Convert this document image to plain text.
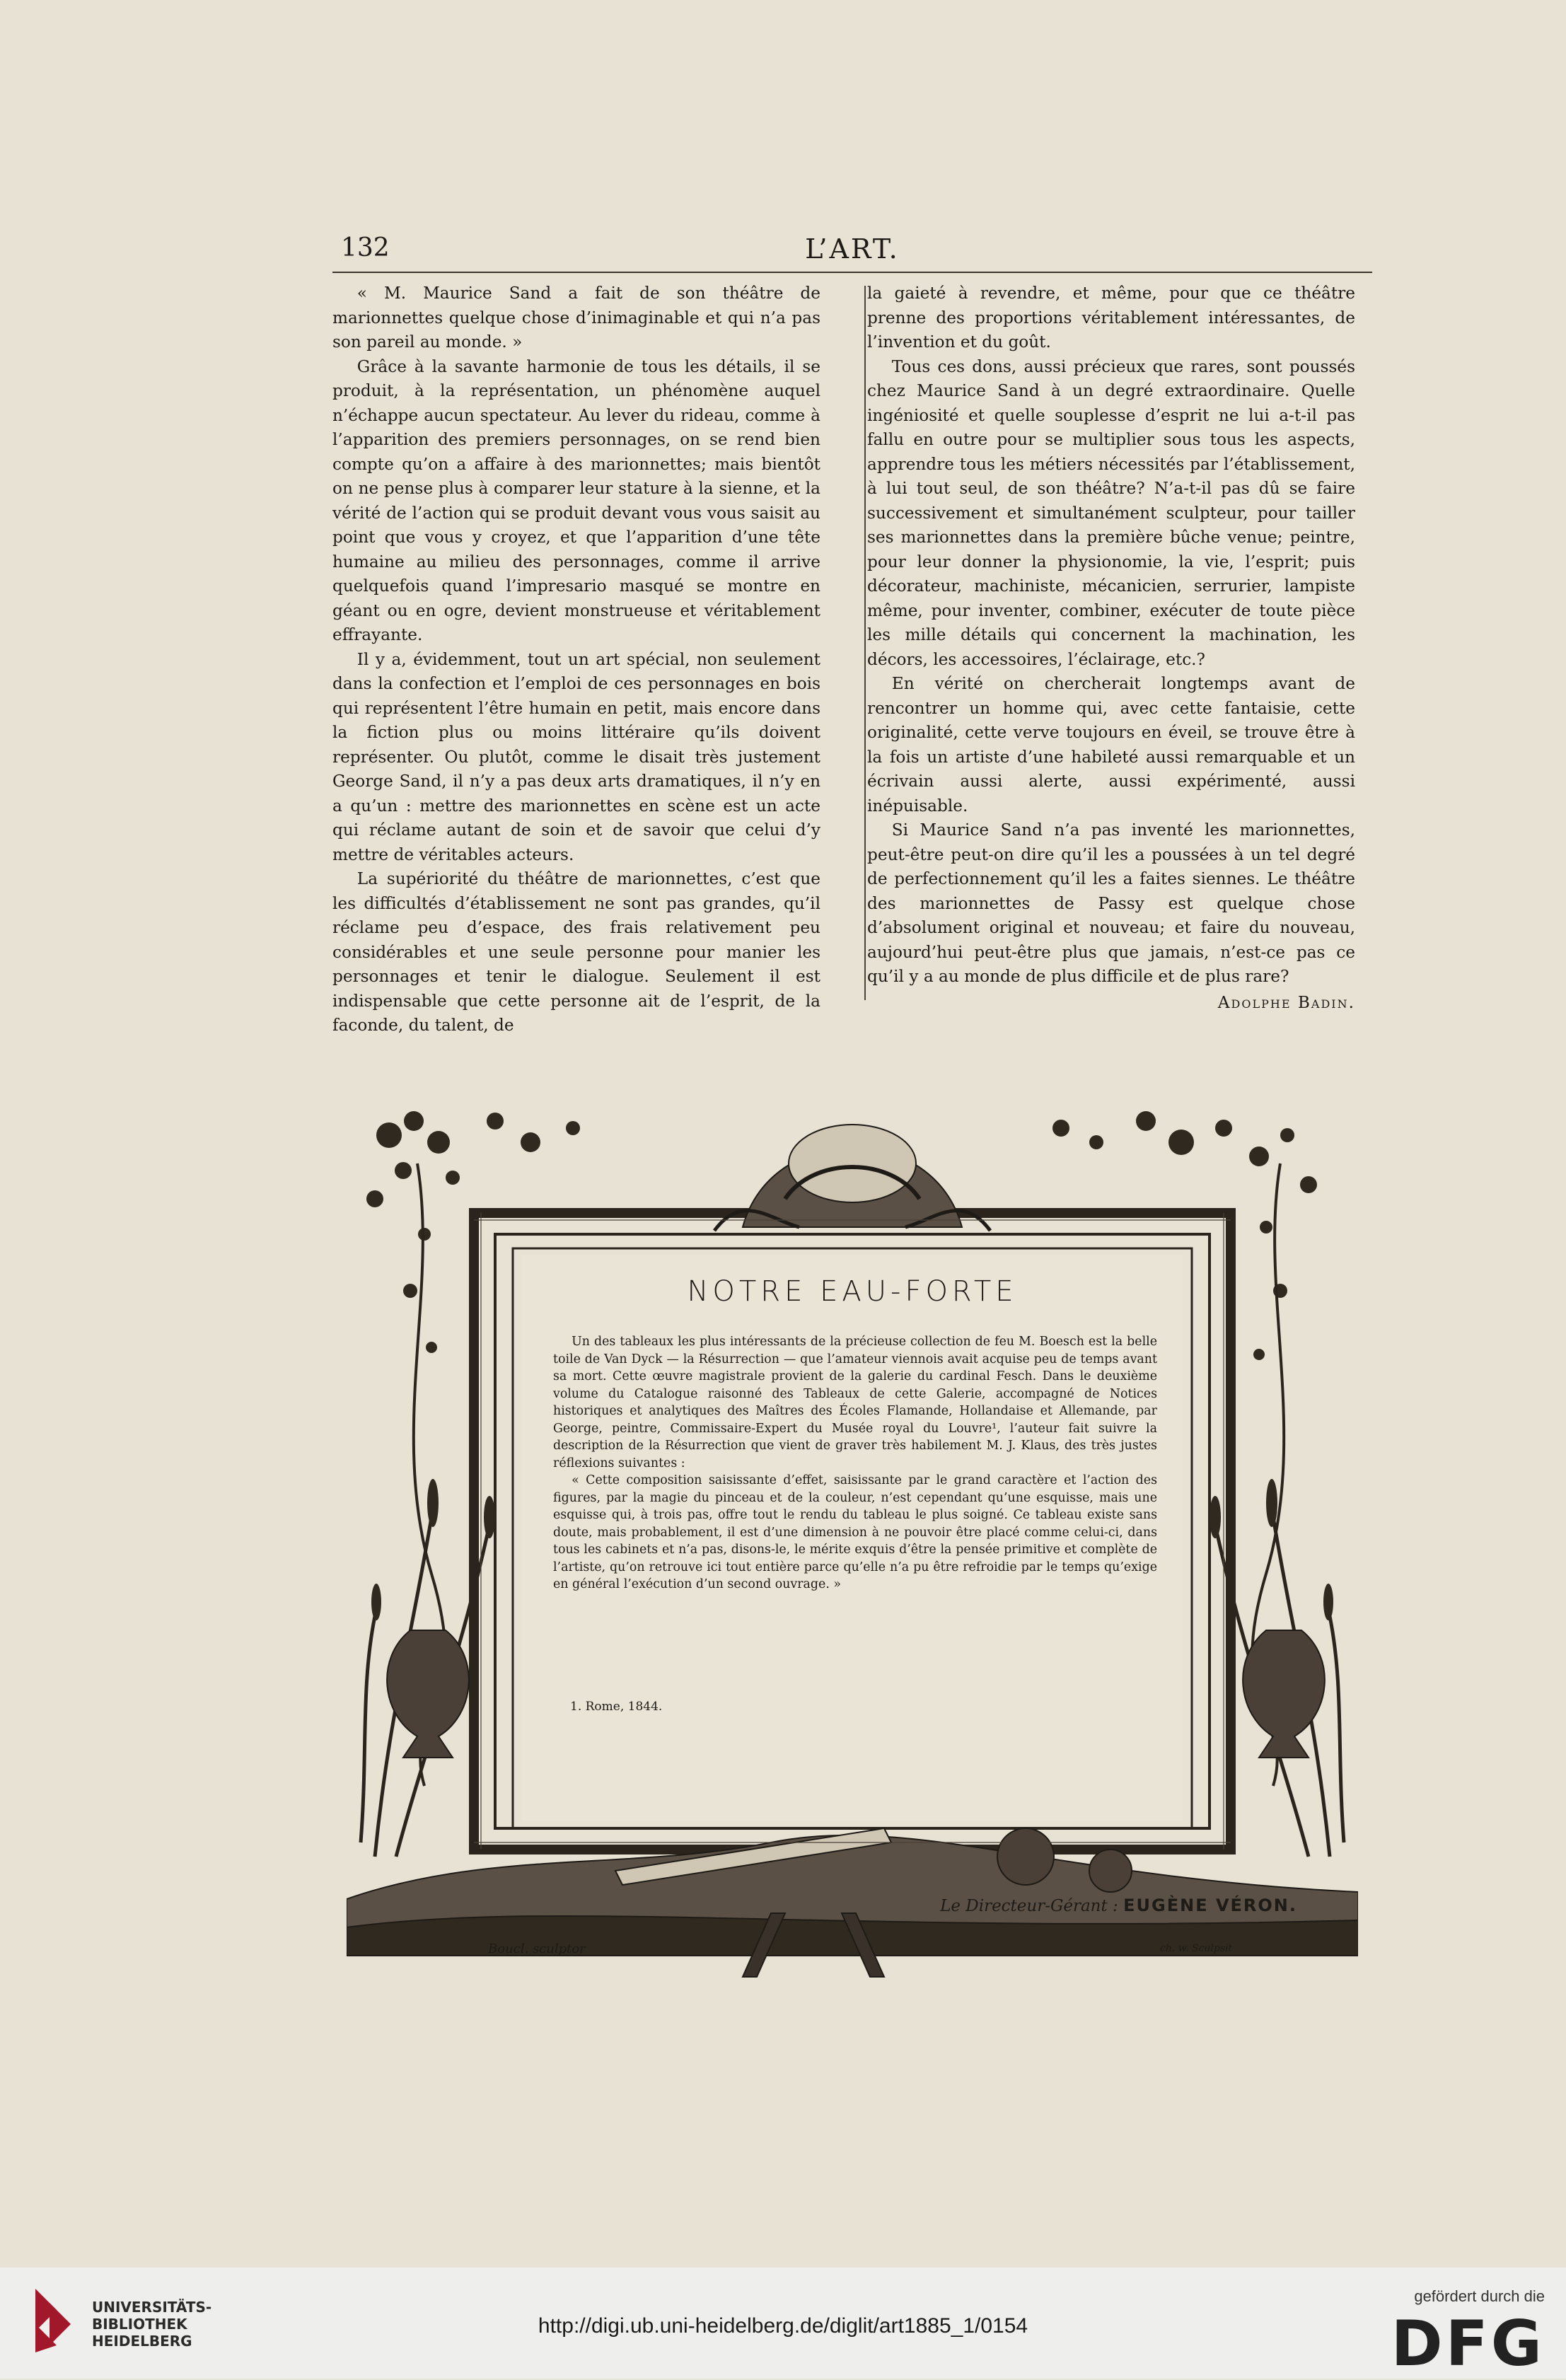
132	L’ART.

« M. Maurice Sand a fait de son théâtre de marionnettes quelque chose d’inimaginable et qui n’a pas son pareil au monde. »

Grâce à la savante harmonie de tous les détails, il se produit, à la représentation, un phénomène auquel n’échappe aucun spectateur. Au lever du rideau, comme à l’apparition des premiers personnages, on se rend bien compte qu’on a affaire à des marionnettes; mais bientôt on ne pense plus à comparer leur stature à la sienne, et la vérité de l’action qui se produit devant vous vous saisit au point que vous y croyez, et que l’apparition d’une tête humaine au milieu des personnages, comme il arrive quelquefois quand l’impresario masqué se montre en géant ou en ogre, devient monstrueuse et véritablement effrayante.

Il y a, évidemment, tout un art spécial, non seulement dans la confection et l’emploi de ces personnages en bois qui représentent l’être humain en petit, mais encore dans la fiction plus ou moins littéraire qu’ils doivent représenter. Ou plutôt, comme le disait très justement George Sand, il n’y a pas deux arts dramatiques, il n’y en a qu’un : mettre des marionnettes en scène est un acte qui réclame autant de soin et de savoir que celui d’y mettre de véritables acteurs.

La supériorité du théâtre de marionnettes, c’est que les difficultés d’établissement ne sont pas grandes, qu’il réclame peu d’espace, des frais relativement peu considérables et une seule personne pour manier les personnages et tenir le dialogue. Seulement il est indispensable que cette personne ait de l’esprit, de la faconde, du talent, de

la gaieté à revendre, et même, pour que ce théâtre prenne des proportions véritablement intéressantes, de l’invention et du goût.

Tous ces dons, aussi précieux que rares, sont poussés chez Maurice Sand à un degré extraordinaire. Quelle ingéniosité et quelle souplesse d’esprit ne lui a-t-il pas fallu en outre pour se multiplier sous tous les aspects, apprendre tous les métiers nécessités par l’établissement, à lui tout seul, de son théâtre? N’a-t-il pas dû se faire successivement et simultanément sculpteur, pour tailler ses marionnettes dans la première bûche venue; peintre, pour leur donner la physionomie, la vie, l’esprit; puis décorateur, machiniste, mécanicien, serrurier, lampiste même, pour inventer, combiner, exécuter de toute pièce les mille détails qui concernent la machination, les décors, les accessoires, l’éclairage, etc.?

En vérité on chercherait longtemps avant de rencontrer un homme qui, avec cette fantaisie, cette originalité, cette verve toujours en éveil, se trouve être à la fois un artiste d’une habileté aussi remarquable et un écrivain aussi alerte, aussi expérimenté, aussi inépuisable.

Si Maurice Sand n’a pas inventé les marionnettes, peut-être peut-on dire qu’il les a poussées à un tel degré de perfectionnement qu’il les a faites siennes. Le théâtre des marionnettes de Passy est quelque chose d’absolument original et nouveau; et faire du nouveau, aujourd’hui peut-être plus que jamais, n’est-ce pas ce qu’il y a au monde de plus difficile et de plus rare?

Adolphe Badin.
NOTRE EAU-FORTE

Un des tableaux les plus intéressants de la précieuse collection de feu M. Boesch est la belle toile de Van Dyck — la Résurrection — que l’amateur viennois avait acquise peu de temps avant sa mort. Cette œuvre magistrale provient de la galerie du cardinal Fesch. Dans le deuxième volume du Catalogue raisonné des Tableaux de cette Galerie, accompagné de Notices historiques et analytiques des Maîtres des Écoles Flamande, Hollandaise et Allemande, par George, peintre, Commissaire-Expert du Musée royal du Louvre¹, l’auteur fait suivre la description de la Résurrection que vient de graver très habilement M. J. Klaus, des très justes réflexions suivantes :

« Cette composition saisissante d’effet, saisissante par le grand caractère et l’action des figures, par la magie du pinceau et de la couleur, n’est cependant qu’une esquisse, mais une esquisse qui, à trois pas, offre tout le rendu du tableau le plus soigné. Ce tableau existe sans doute, mais probablement, il est d’une dimension à ne pouvoir être placé comme celui-ci, dans tous les cabinets et n’a pas, disons-le, le mérite exquis d’être la pensée primitive et complète de l’artiste, qu’on retrouve ici tout entière parce qu’elle n’a pu être refroidie par le temps qu’exige en général l’exécution d’un second ouvrage. »

1. Rome, 1844.
Boucl. sculptor	ch. w. Sculpsit
Le Directeur-Gérant : EUGÈNE VÉRON.
UNIVERSITÄTS-
BIBLIOTHEK
HEIDELBERG
http://digi.ub.uni-heidelberg.de/diglit/art1885_1/0154
gefördert durch die
DFG
